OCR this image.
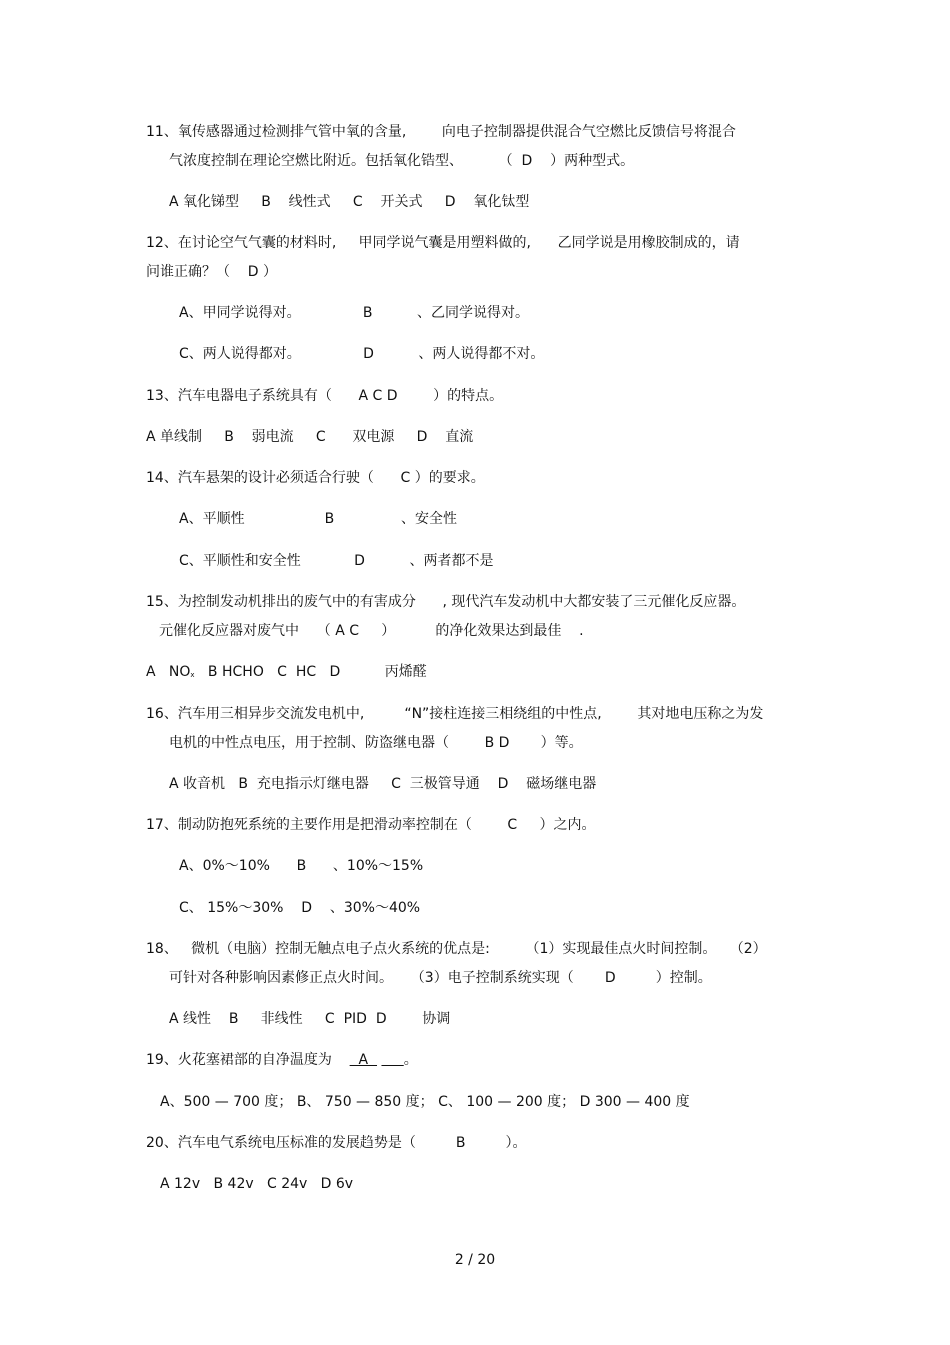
11、氧传感器通过检测排气管中氧的含量,        向电子控制器提供混合气空燃比反馈信号将混合
气浓度控制在理论空燃比附近。包括氧化锆型、        （  D    ）两种型式。
A 氧化锑型     B    线性式     C    开关式     D    氧化钛型
12、在讨论空气气囊的材料时,     甲同学说气囊是用塑料做的,      乙同学说是用橡胶制成的，请
问谁正确？（    D ）
A、甲同学说得对。              B          、乙同学说得对。
C、两人说得都对。              D          、两人说得都不对。
13、汽车电器电子系统具有（      A C D        ）的特点。
A 单线制     B    弱电流     C      双电源     D    直流
14、汽车悬架的设计必须适合行驶（      C ）的要求。
A、平顺性                  B               、安全性
C、平顺性和安全性            D          、两者都不是
15、为控制发动机排出的废气中的有害成分      , 现代汽车发动机中大都安装了三元催化反应器。
元催化反应器对废气中    （ A C     ）         的净化效果达到最佳    .
A   NOx   B HCHO   C  HC   D          丙烯醛
16、汽车用三相异步交流发电机中,         “N”接柱连接三相绕组的中性点,        其对地电压称之为发
电机的中性点电压，用于控制、防盗继电器（        B D       ）等。
A 收音机   B  充电指示灯继电器     C  三极管导通    D    磁场继电器
17、制动防抱死系统的主要作用是把滑动率控制在（        C     ）之内。
A、0%～10%      B      、10%～15%
C、 15%～30%    D    、30%～40%
18、   微机（电脑）控制无触点电子点火系统的优点是:        （1）实现最佳点火时间控制。   （2）
可针对各种影响因素修正点火时间。    （3）电子控制系统实现（       D         ）控制。
A 线性    B     非线性     C  PID  D        协调
19、火花塞裙部的自净温度为      A        。
A、500 — 700 度； B、 750 — 850 度； C、 100 — 200 度； D 300 — 400 度
20、汽车电气系统电压标准的发展趋势是（         B         ）。
A 12v   B 42v   C 24v   D 6v
2 / 20
